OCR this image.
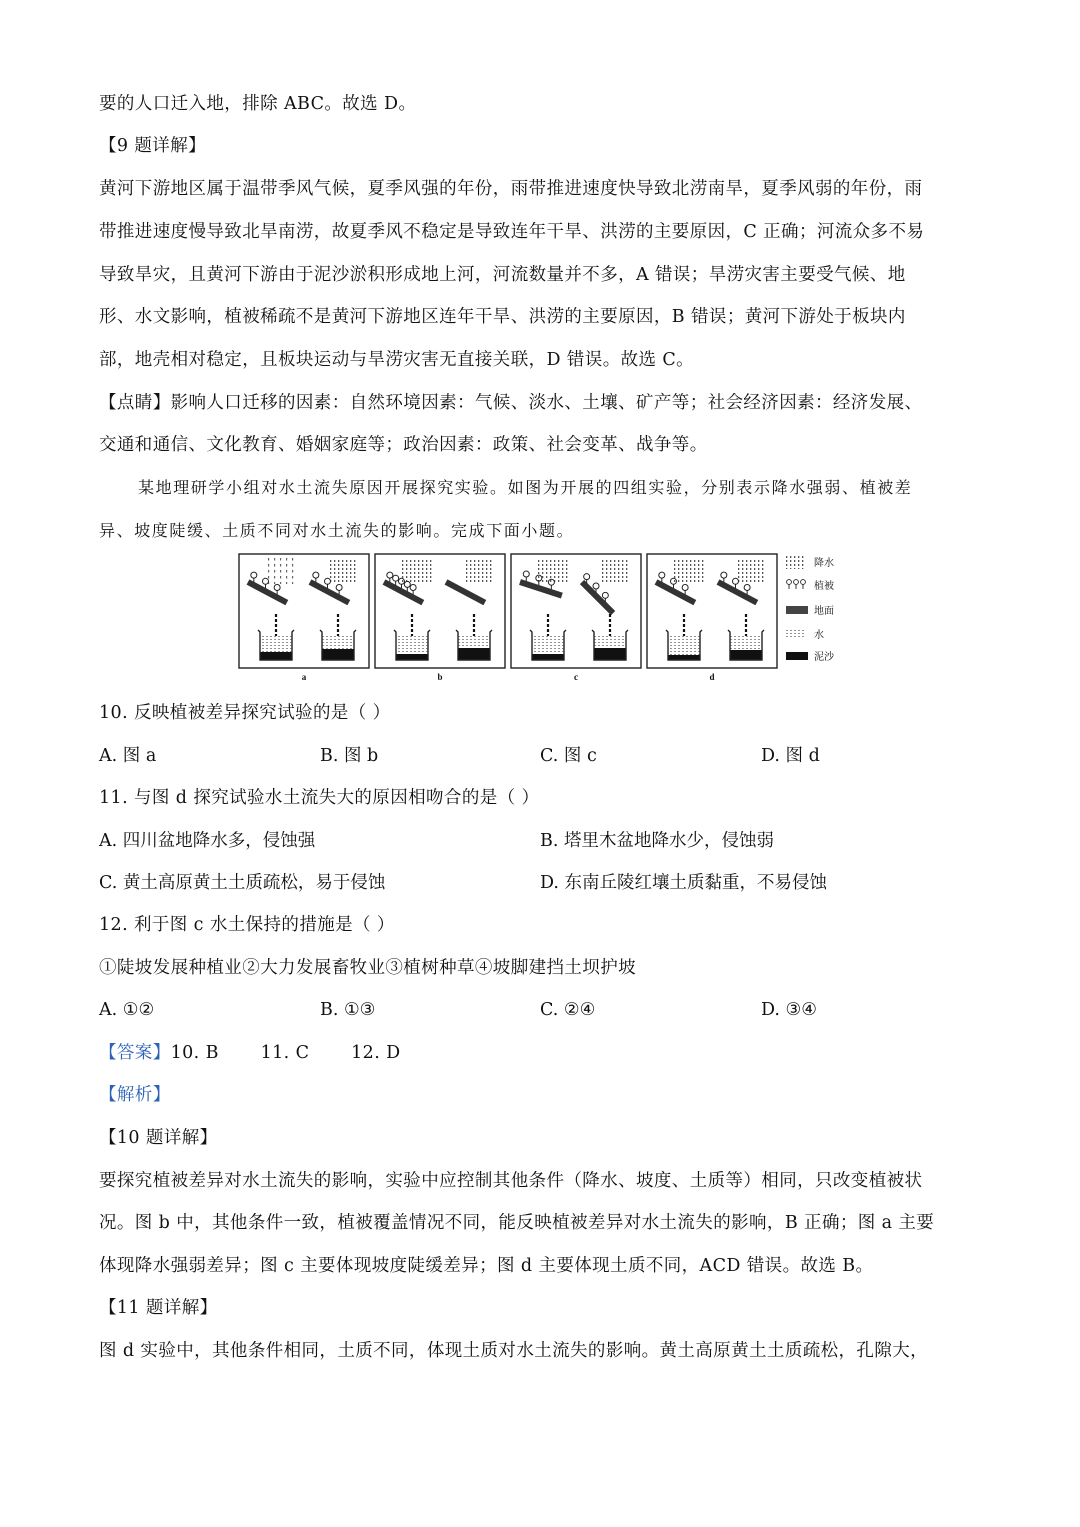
要的人口迁入地，排除 ABC。故选 D。
【9 题详解】
黄河下游地区属于温带季风气候，夏季风强的年份，雨带推进速度快导致北涝南旱，夏季风弱的年份，雨
带推进速度慢导致北旱南涝，故夏季风不稳定是导致连年干旱、洪涝的主要原因，C 正确；河流众多不易
导致旱灾，且黄河下游由于泥沙淤积形成地上河，河流数量并不多，A 错误；旱涝灾害主要受气候、地
形、水文影响，植被稀疏不是黄河下游地区连年干旱、洪涝的主要原因，B 错误；黄河下游处于板块内
部，地壳相对稳定，且板块运动与旱涝灾害无直接关联，D 错误。故选 C。
【点睛】影响人口迁移的因素：自然环境因素：气候、淡水、土壤、矿产等；社会经济因素：经济发展、
交通和通信、文化教育、婚姻家庭等；政治因素：政策、社会变革、战争等。
某地理研学小组对水土流失原因开展探究实验。如图为开展的四组实验，分别表示降水强弱、植被差
异、坡度陡缓、土质不同对水土流失的影响。完成下面小题。
a	b	c	d
降水
植被
地面
水
泥沙
10. 反映植被差异探究试验的是（ ）
A. 图 a	B. 图 b	C. 图 c	D. 图 d
11. 与图 d 探究试验水土流失大的原因相吻合的是（ ）
A. 四川盆地降水多，侵蚀强	B. 塔里木盆地降水少，侵蚀弱
C. 黄土高原黄土土质疏松，易于侵蚀	D. 东南丘陵红壤土质黏重，不易侵蚀
12. 利于图 c 水土保持的措施是（ ）
①陡坡发展种植业②大力发展畜牧业③植树种草④坡脚建挡土坝护坡
A. ①②	B. ①③	C. ②④	D. ③④
【答案】10. B       11. C       12. D
【解析】
【10 题详解】
要探究植被差异对水土流失的影响，实验中应控制其他条件（降水、坡度、土质等）相同，只改变植被状
况。图 b 中，其他条件一致，植被覆盖情况不同，能反映植被差异对水土流失的影响，B 正确；图 a 主要
体现降水强弱差异；图 c 主要体现坡度陡缓差异；图 d 主要体现土质不同，ACD 错误。故选 B。
【11 题详解】
图 d 实验中，其他条件相同，土质不同，体现土质对水土流失的影响。黄土高原黄土土质疏松，孔隙大，
